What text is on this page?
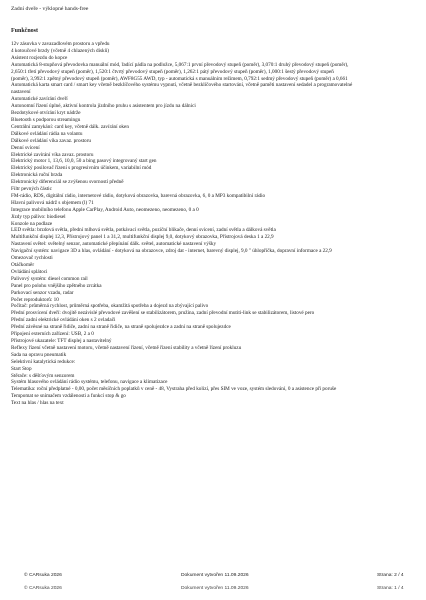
Zadní dveře - výklopné hands-free
Funkčnost
12v zásuvka v zavazadlovém prostoru a vpředu
4 kotoučové brzdy (včetně 4 chlazených disků)
Asistent rozjezdu do kopce
Automatická 8-stupňová převodovka manuální mód, řadící pádla na podložce, 5,067:1 první převodový stupeň (poměr), 3,070:1 druhý převodový stupeň (poměr),
2,650:1 třetí převodový stupeň (poměr), 1,520:1 čtvrtý převodový stupeň (poměr), 1,262:1 pátý převodový stupeň (poměr), 1,000:1 šestý převodový stupeň
(poměr), 3,992:1 zpětný převodový stupeň (poměr), AWF8G55 AWD, typ - automatická s manuálním režimem, 0,792:1 sedmý převodový stupeň (poměr) a 0,661
Automatická karta smart card / smart key včetně bezklíčového systému vypnutí, včetně bezklíčového startování, včetně paměti nastavení sedadel a programovatelné
nastavení
Automatické zavírání dveří
Autonomní řízení úplné, aktivní kontrola jízdního pruhu s asistentem pro jízdu na dálnici
Bezdotykové otvírání kryt nádrže
Bluetooth s podporou streamingu
Centrální zamykání: card key, včetně dálk. zavírání oken
Dálkové ovládání rádia na volantu
Dálkové ovládání víka zavaz. prostoru
Denní svícení
Elektrické zavírání víka zavaz. prostoru
Elektrický motor 1, 13,6, 10,0, 50 a bing pasový integrovaný start gen
Elektrický posilovač řízení s progresivním účinkem, variabilní mód
Elektronická ruční brzda
Elektronický diferenciál se zvýšenou svorností předně
Filtr pevných částic
FM-rádio, RDS, digitální rádio, internetové rádio, dotyková obrazovka, barevná obrazovka, 6, 0 a MP3 kompatibilní rádio
Hlavní palivová nádrž s objemem (l) 71
Integrace mobilního telefonu Apple CarPlay, Android Auto, neomezeno, neomezeno, 0 a 0
Jízdy typ pálivo: biodiesel
Konzole na podlaze
LED světla: brzdová světla, přední mlhová světla, potkávací světla, poziční blikače, denní svícení, zadní světla a dálková světla
Multifunkční displej 12,3, Přístrojový panel 1 a 31,2, multifunkční displej 9,0, dotykový obrazovka, Přístrojová deska 1 a 22,9
Nastavení světel: světelný senzor, automatické přepínání dálk. světel, automatické nastavení výšky
Navigační systém: navigace 3D a hlas, ovládání - dotyková na obrazovce, zdroj dat - internet, barevný displej, 9,0 " úhlopříčka, dopravní informace a 22,9
Omezovač rychlosti
Otáčkoměr
Ovládání splátoci
Palivový systém: diesel common rail
Panel pro polohu vnějšího zpětného zrcátka
Parkovací senzor vzadu, radar
Počet reproduktorů: 10
Počítač: průměrná rychlost, průměrná spotřeba, okamžitá spotřeba a dojezd na zbývající palivo
Přední prosvícení dveří: dvojitě nezávislé převodové zavěšení se stabilizátorem, pružina, zadní převodní mutiti-link se stabilizátorem, listové pero
Přední zadní elektrické ovládání oken s 2 ovladači
Přední závěsné na straně řidiče, zadní na straně řidiče, na straně spolujezdce a zadní na straně spolujezdce
Připojení externích zařízení: USB, 2 a 0
Přístrojové ukazatele: TFT displej a nastavitelný
Reflexy řízení včetně nastavení motoru, včetně nastavení řízení, včetně řízení stability a včetně řízení prokluzu
Sada na opravu pneumatik
Selektivní katalytická redukce:
Start Stop
Stěrače: s děšťovým senzorem
Systém hlasového ovládání rádio systému, telefonu, navigace a klimatizace
Telematika: roční předplatné - 0,00, počet měsíčních poplatků v ceně - 48, Vystraha před kolizí, přes SIM ve voze, systém sledování, 0 a asistence při poruše
Tempomat se snímačem vzdálenosti a funkcí stop & go
Text na hlas / hlas na text
© CARsuka 2026	Dokument vytvořen 11.09.2026	Strana: 2 / 4
© CARsuka 2026	Dokument vytvořen 11.09.2026	Strana: 1 / 4
